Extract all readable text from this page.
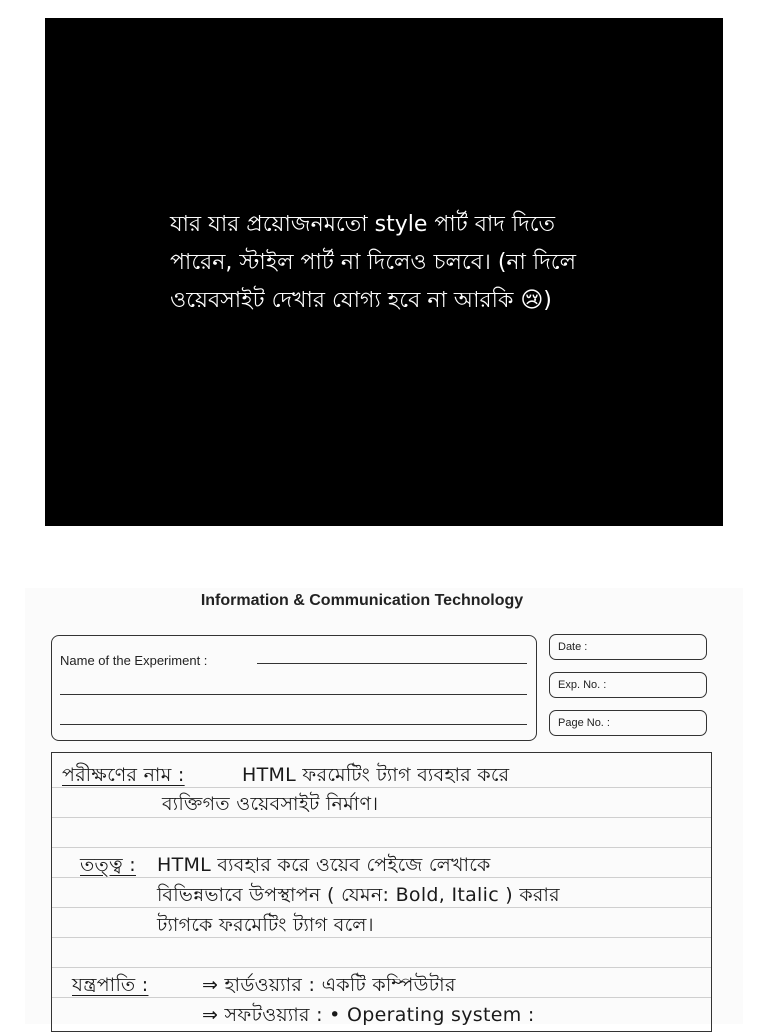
যার যার প্রয়োজনমতো style পার্ট বাদ দিতে পারেন, স্টাইল পার্ট না দিলেও চলবে। (না দিলে ওয়েবসাইট দেখার যোগ্য হবে না আরকি 😢)
Information & Communication Technology
Name of the Experiment :
Date :
Exp. No. :
Page No. :
পরীক্ষণের নাম :	HTML ফরমেটিং ট্যাগ ব্যবহার করে
ব্যক্তিগত ওয়েবসাইট নির্মাণ।
তত্ত্ব : HTML ব্যবহার করে ওয়েব পেইজে লেখাকে
বিভিন্নভাবে উপস্থাপন ( যেমন: Bold, Italic ) করার
ট্যাগকে ফরমেটিং ট্যাগ বলে।
যন্ত্রপাতি :	⇒ হার্ডওয়্যার : একটি কম্পিউটার
⇒ সফটওয়্যার : • Operating system :
